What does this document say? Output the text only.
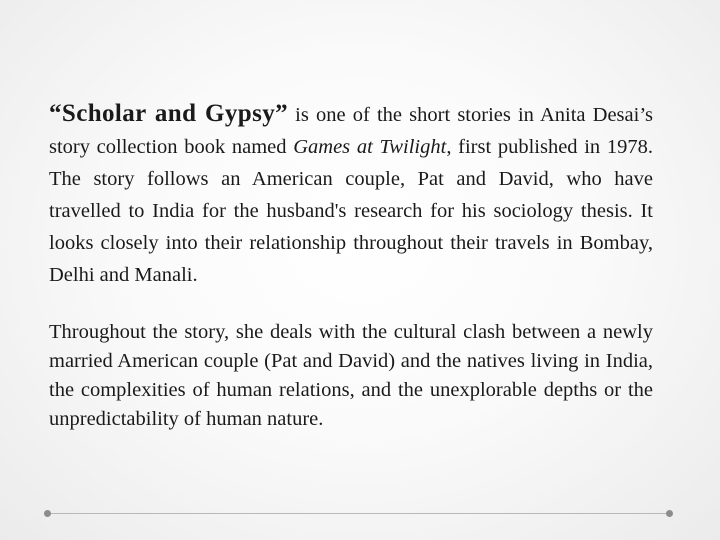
“Scholar and Gypsy” is one of the short stories in Anita Desai’s story collection book named Games at Twilight, first published in 1978. The story follows an American couple, Pat and David, who have travelled to India for the husband's research for his sociology thesis. It looks closely into their relationship throughout their travels in Bombay, Delhi and Manali.

Throughout the story, she deals with the cultural clash between a newly married American couple (Pat and David) and the natives living in India, the complexities of human relations, and the unexplorable depths or the unpredictability of human nature.
